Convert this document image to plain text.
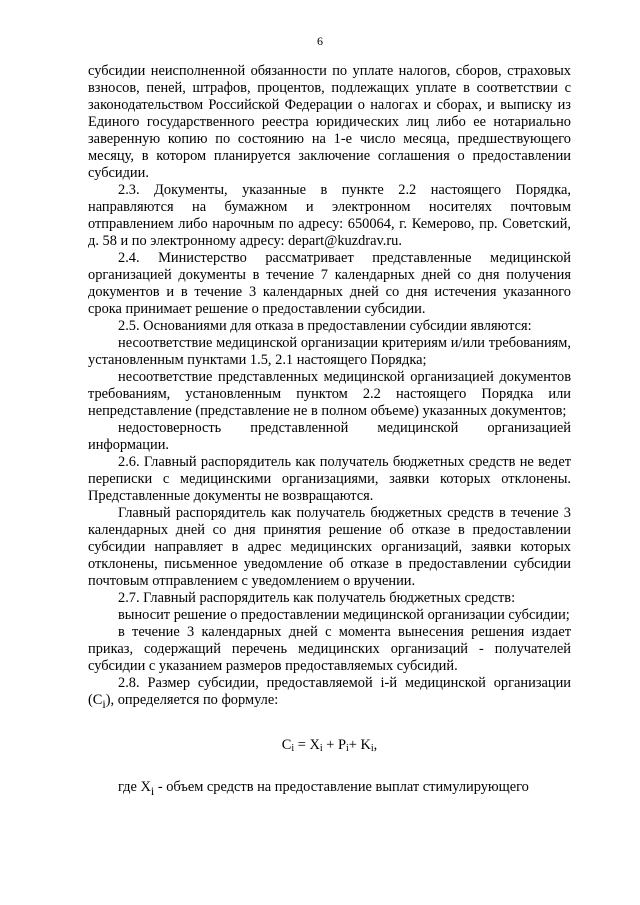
6

субсидии неисполненной обязанности по уплате налогов, сборов, страховых взносов, пеней, штрафов, процентов, подлежащих уплате в соответствии с законодательством Российской Федерации о налогах и сборах, и выписку из Единого государственного реестра юридических лиц либо ее нотариально заверенную копию по состоянию на 1-е число месяца, предшествующего месяцу, в котором планируется заключение соглашения о предоставлении субсидии.

2.3. Документы, указанные в пункте 2.2 настоящего Порядка, направляются на бумажном и электронном носителях почтовым отправлением либо нарочным по адресу: 650064, г. Кемерово, пр. Советский, д. 58 и по электронному адресу: depart@kuzdrav.ru.

2.4. Министерство рассматривает представленные медицинской организацией документы в течение 7 календарных дней со дня получения документов и в течение 3 календарных дней со дня истечения указанного срока принимает решение о предоставлении субсидии.

2.5. Основаниями для отказа в предоставлении субсидии являются:

несоответствие медицинской организации критериям и/или требованиям, установленным пунктами 1.5, 2.1 настоящего Порядка;

несоответствие представленных медицинской организацией документов требованиям, установленным пунктом 2.2 настоящего Порядка или непредставление (представление не в полном объеме) указанных документов;

недостоверность представленной медицинской организацией информации.

2.6. Главный распорядитель как получатель бюджетных средств не ведет переписки с медицинскими организациями, заявки которых отклонены. Представленные документы не возвращаются.

Главный распорядитель как получатель бюджетных средств в течение 3 календарных дней со дня принятия решение об отказе в предоставлении субсидии направляет в адрес медицинских организаций, заявки которых отклонены, письменное уведомление об отказе в предоставлении субсидии почтовым отправлением с уведомлением о вручении.

2.7. Главный распорядитель как получатель бюджетных средств:

выносит решение о предоставлении медицинской организации субсидии;

в течение 3 календарных дней с момента вынесения решения издает приказ, содержащий перечень медицинских организаций - получателей субсидии с указанием размеров предоставляемых субсидий.

2.8. Размер субсидии, предоставляемой i-й медицинской организации $(С_i)$, определяется по формуле:

$С_i = Х_i + Р_i+ K_i$,

где $Х_i$ - объем средств на предоставление выплат стимулирующего
